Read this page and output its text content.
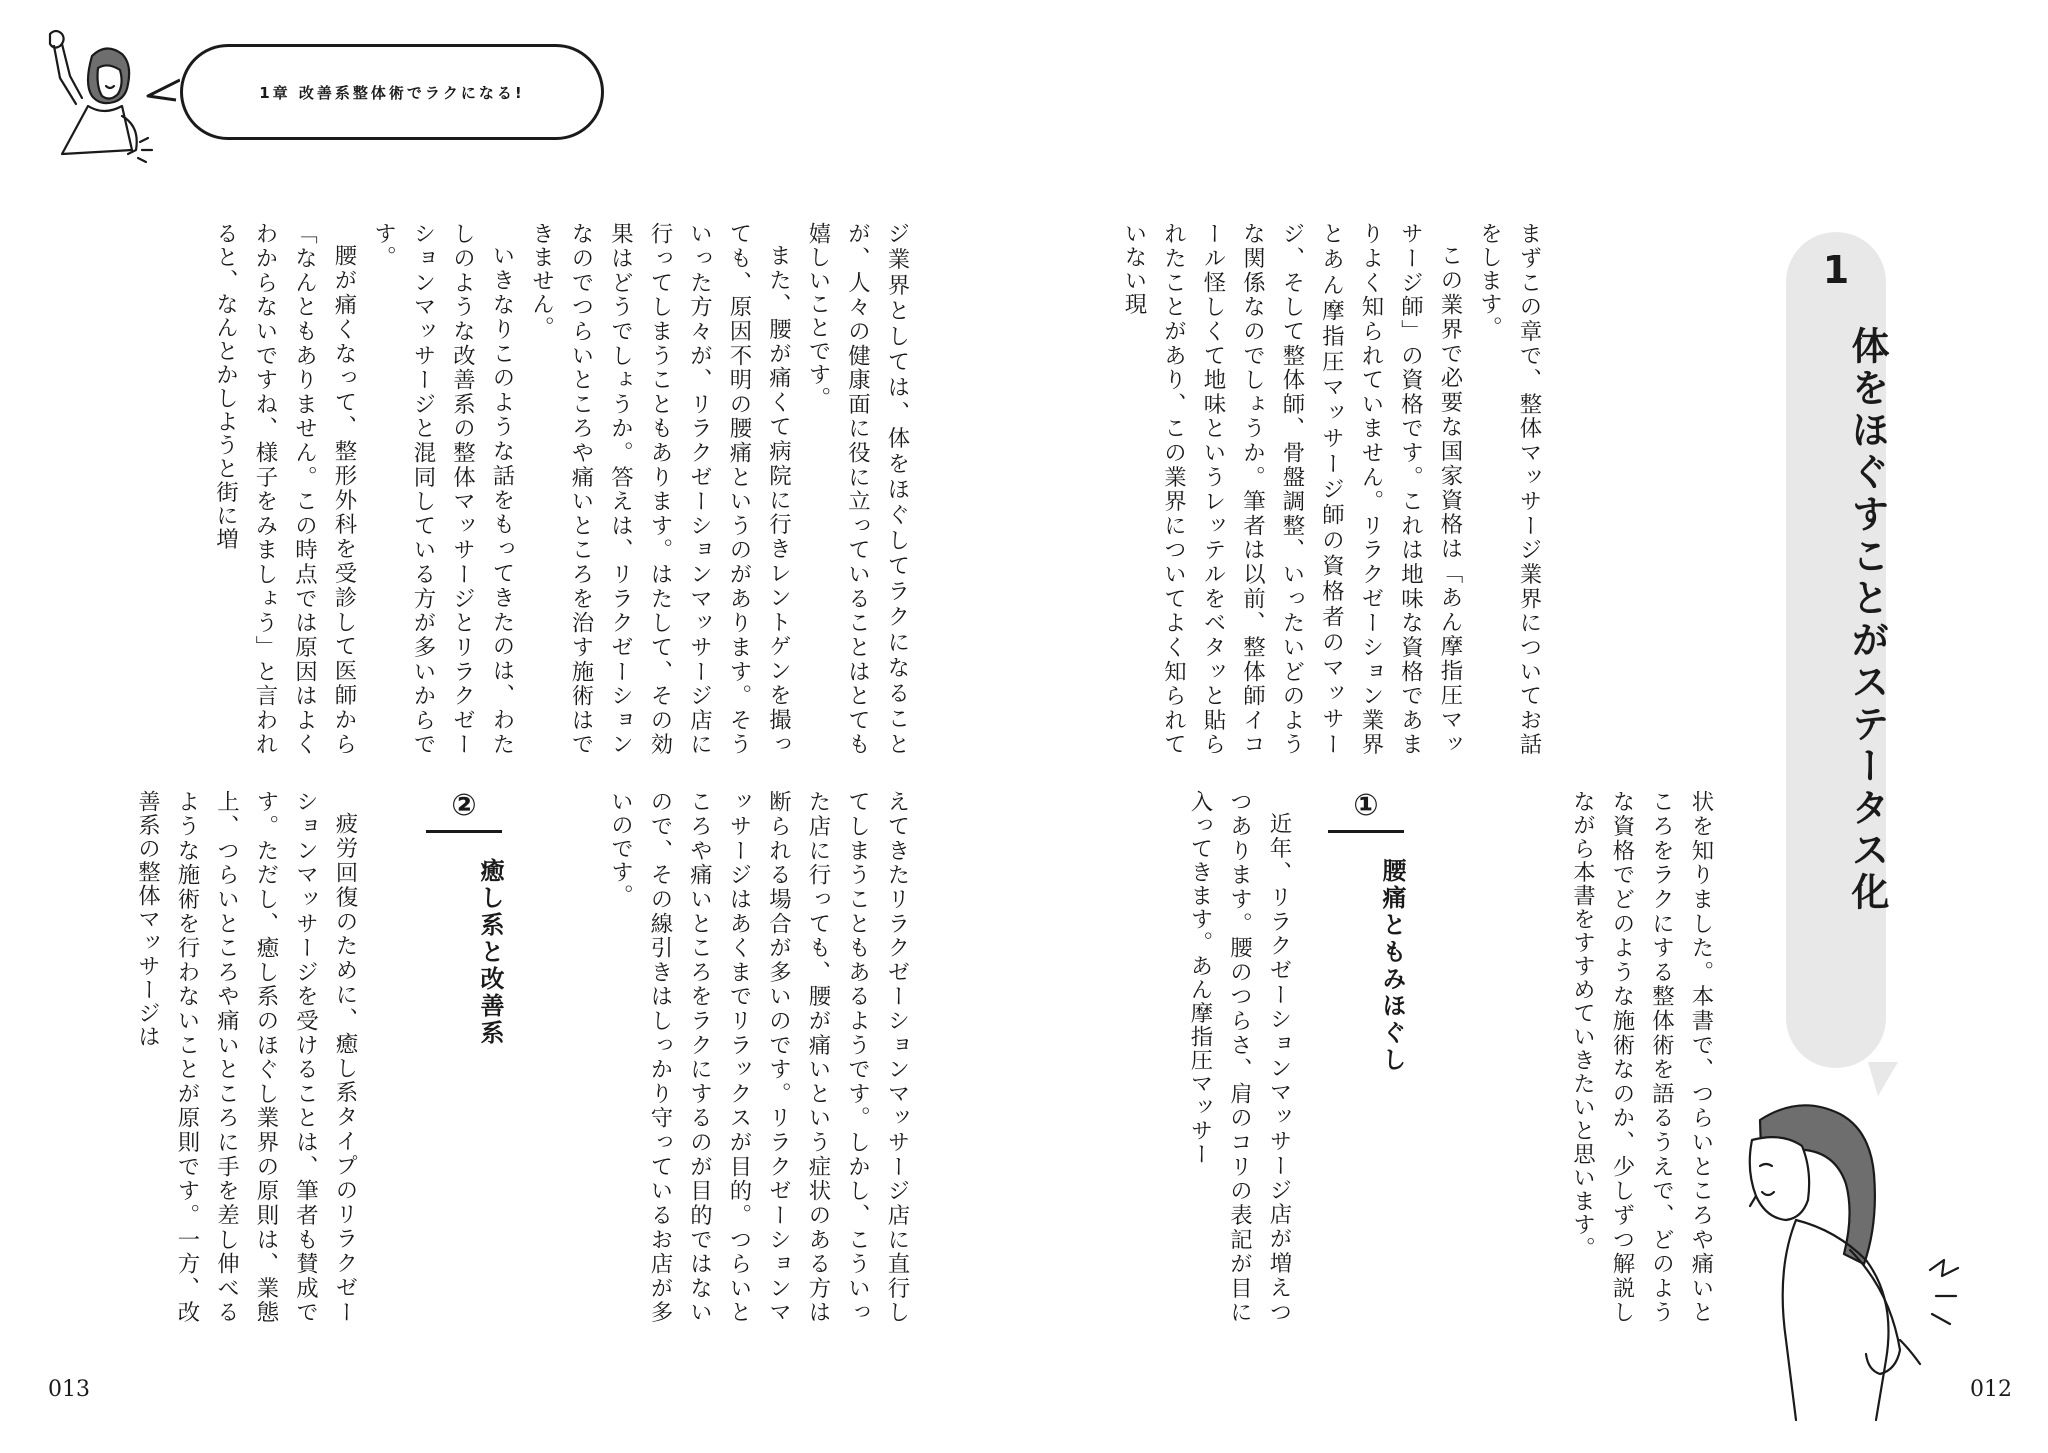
1章 改善系整体術でラクになる!

ジ業界としては、体をほぐしてラクになることが、人々の健康面に役に立っていることはとても嬉しいことです。

また、腰が痛くて病院に行きレントゲンを撮っても、原因不明の腰痛というのがあります。そういった方々が、リラクゼーションマッサージ店に行ってしまうこともあります。はたして、その効果はどうでしょうか。答えは、リラクゼーションなのでつらいところや痛いところを治す施術はできません。

いきなりこのような話をもってきたのは、わたしのような改善系の整体マッサージとリラクゼーションマッサージと混同している方が多いからです。

腰が痛くなって、整形外科を受診して医師から「なんともありません。この時点では原因はよくわからないですね、様子をみましょう」と言われると、なんとかしようと街に増

えてきたリラクゼーションマッサージ店に直行してしまうこともあるようです。しかし、こういった店に行っても、腰が痛いという症状のある方は断られる場合が多いのです。リラクゼーションマッサージはあくまでリラックスが目的。つらいところや痛いところをラクにするのが目的ではないので、その線引きはしっかり守っているお店が多いのです。

②
癒し系と改善系

疲労回復のために、癒し系タイプのリラクゼーションマッサージを受けることは、筆者も賛成です。ただし、癒し系のほぐし業界の原則は、業態上、つらいところや痛いところに手を差し伸べるような施術を行わないことが原則です。一方、改善系の整体マッサージは

013

まずこの章で、整体マッサージ業界についてお話をします。

この業界で必要な国家資格は「あん摩指圧マッサージ師」の資格です。これは地味な資格であまりよく知られていません。リラクゼーション業界とあん摩指圧マッサージ師の資格者のマッサージ、そして整体師、骨盤調整、いったいどのような関係なのでしょうか。筆者は以前、整体師イコール怪しくて地味というレッテルをベタッと貼られたことがあり、この業界についてよく知られていない現

状を知りました。本書で、つらいところや痛いところをラクにする整体術を語るうえで、どのような資格でどのような施術なのか、少しずつ解説しながら本書をすすめていきたいと思います。

①
腰痛ともみほぐし

近年、リラクゼーションマッサージ店が増えつつあります。腰のつらさ、肩のコリの表記が目に入ってきます。あん摩指圧マッサー

012
1
体をほぐすことがステータス化
